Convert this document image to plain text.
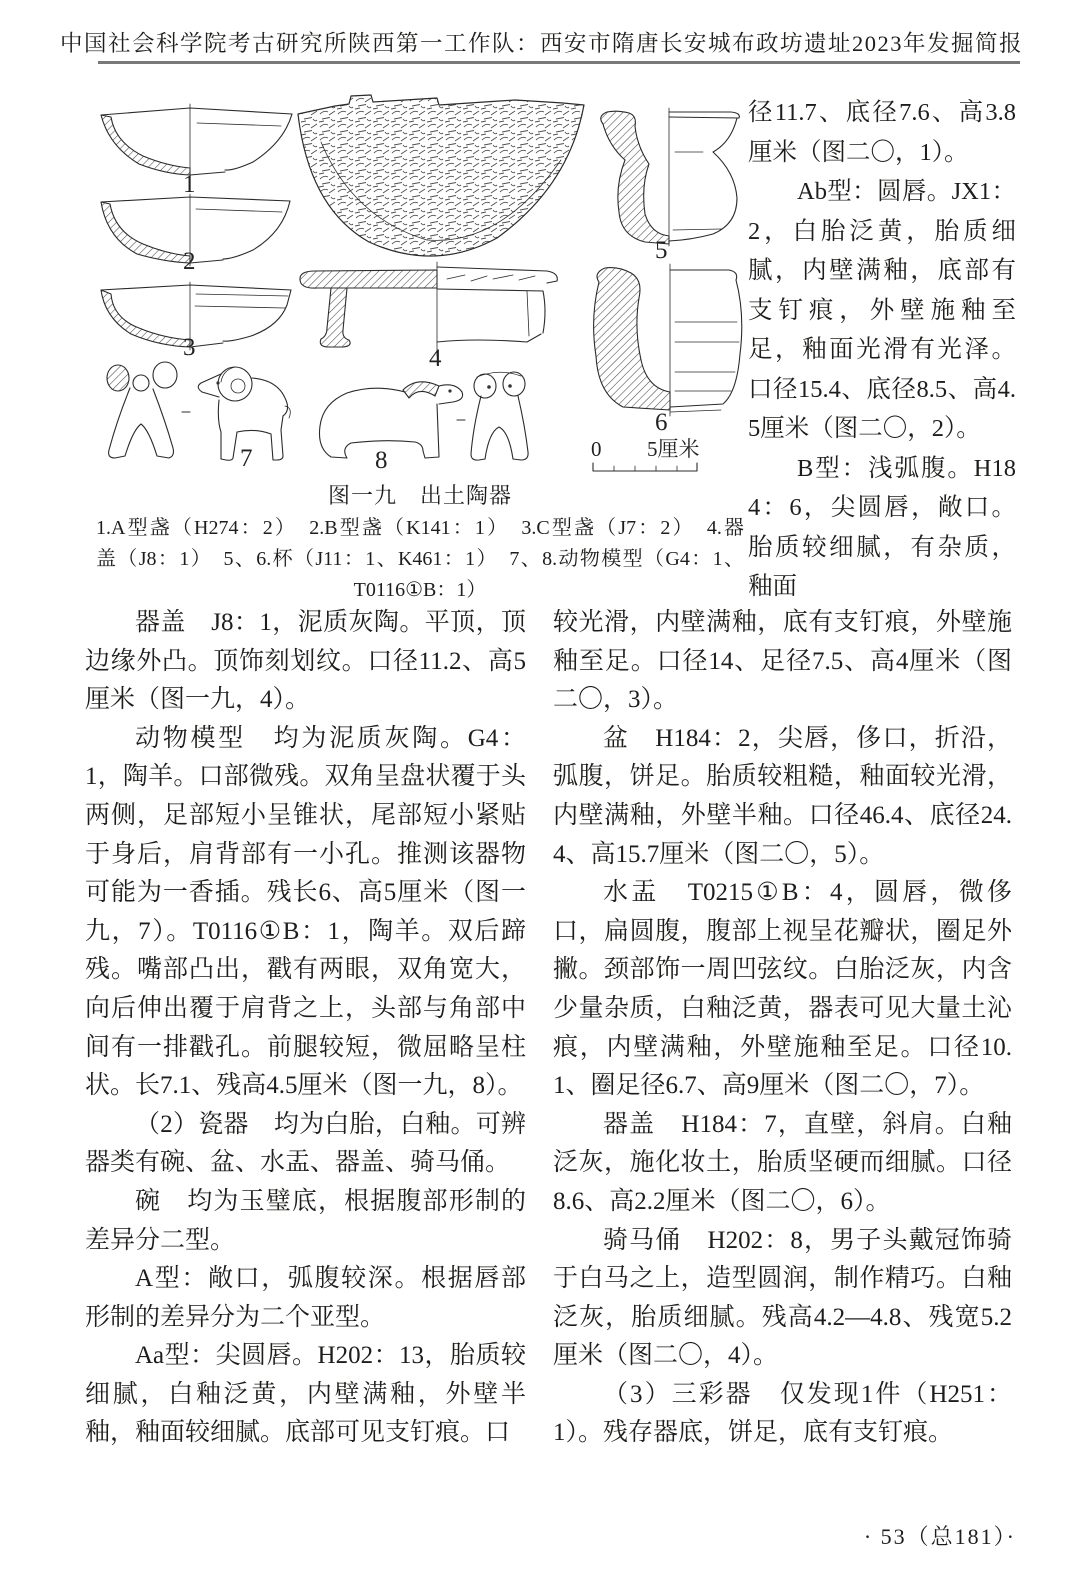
中国社会科学院考古研究所陕西第一工作队：西安市隋唐长安城布政坊遗址2023年发掘简报
1
2
3	4
5
6
7	8	0 5厘米

径11.7、底径7.6、高3.8厘米（图二〇，1）。

Ab型：圆唇。JX1：2，白胎泛黄，胎质细腻，内壁满釉，底部有支钉痕，外壁施釉至足，釉面光滑有光泽。口径15.4、底径8.5、高4.5厘米（图二〇，2）。

B型：浅弧腹。H184：6，尖圆唇，敞口。胎质较细腻，有杂质，釉面

图一九　出土陶器
1.A型盏（H274：2）　2.B型盏（K141：1）　3.C型盏（J7：2）　4.器
盖（J8：1）　5、6.杯（J11：1、K461：1）　7、8.动物模型（G4：1、
T0116①B：1）

器盖　J8：1，泥质灰陶。平顶，顶边缘外凸。顶饰刻划纹。口径11.2、高5厘米（图一九，4）。

动物模型　均为泥质灰陶。G4：1，陶羊。口部微残。双角呈盘状覆于头两侧，足部短小呈锥状，尾部短小紧贴于身后，肩背部有一小孔。推测该器物可能为一香插。残长6、高5厘米（图一九，7）。T0116①B：1，陶羊。双后蹄残。嘴部凸出，戳有两眼，双角宽大，向后伸出覆于肩背之上，头部与角部中间有一排戳孔。前腿较短，微屈略呈柱状。长7.1、残高4.5厘米（图一九，8）。

（2）瓷器　均为白胎，白釉。可辨器类有碗、盆、水盂、器盖、骑马俑。

碗　均为玉璧底，根据腹部形制的差异分二型。

A型：敞口，弧腹较深。根据唇部形制的差异分为二个亚型。

Aa型：尖圆唇。H202：13，胎质较细腻，白釉泛黄，内壁满釉，外壁半釉，釉面较细腻。底部可见支钉痕。口

较光滑，内壁满釉，底有支钉痕，外壁施釉至足。口径14、足径7.5、高4厘米（图二〇，3）。

盆　H184：2，尖唇，侈口，折沿，弧腹，饼足。胎质较粗糙，釉面较光滑，内壁满釉，外壁半釉。口径46.4、底径24.4、高15.7厘米（图二〇，5）。

水盂　T0215①B：4，圆唇，微侈口，扁圆腹，腹部上视呈花瓣状，圈足外撇。颈部饰一周凹弦纹。白胎泛灰，内含少量杂质，白釉泛黄，器表可见大量土沁痕，内壁满釉，外壁施釉至足。口径10.1、圈足径6.7、高9厘米（图二〇，7）。

器盖　H184：7，直壁，斜肩。白釉泛灰，施化妆土，胎质坚硬而细腻。口径8.6、高2.2厘米（图二〇，6）。

骑马俑　H202：8，男子头戴冠饰骑于白马之上，造型圆润，制作精巧。白釉泛灰，胎质细腻。残高4.2—4.8、残宽5.2厘米（图二〇，4）。

（3）三彩器　仅发现1件（H251：1）。残存器底，饼足，底有支钉痕。

· 53（总181）·
